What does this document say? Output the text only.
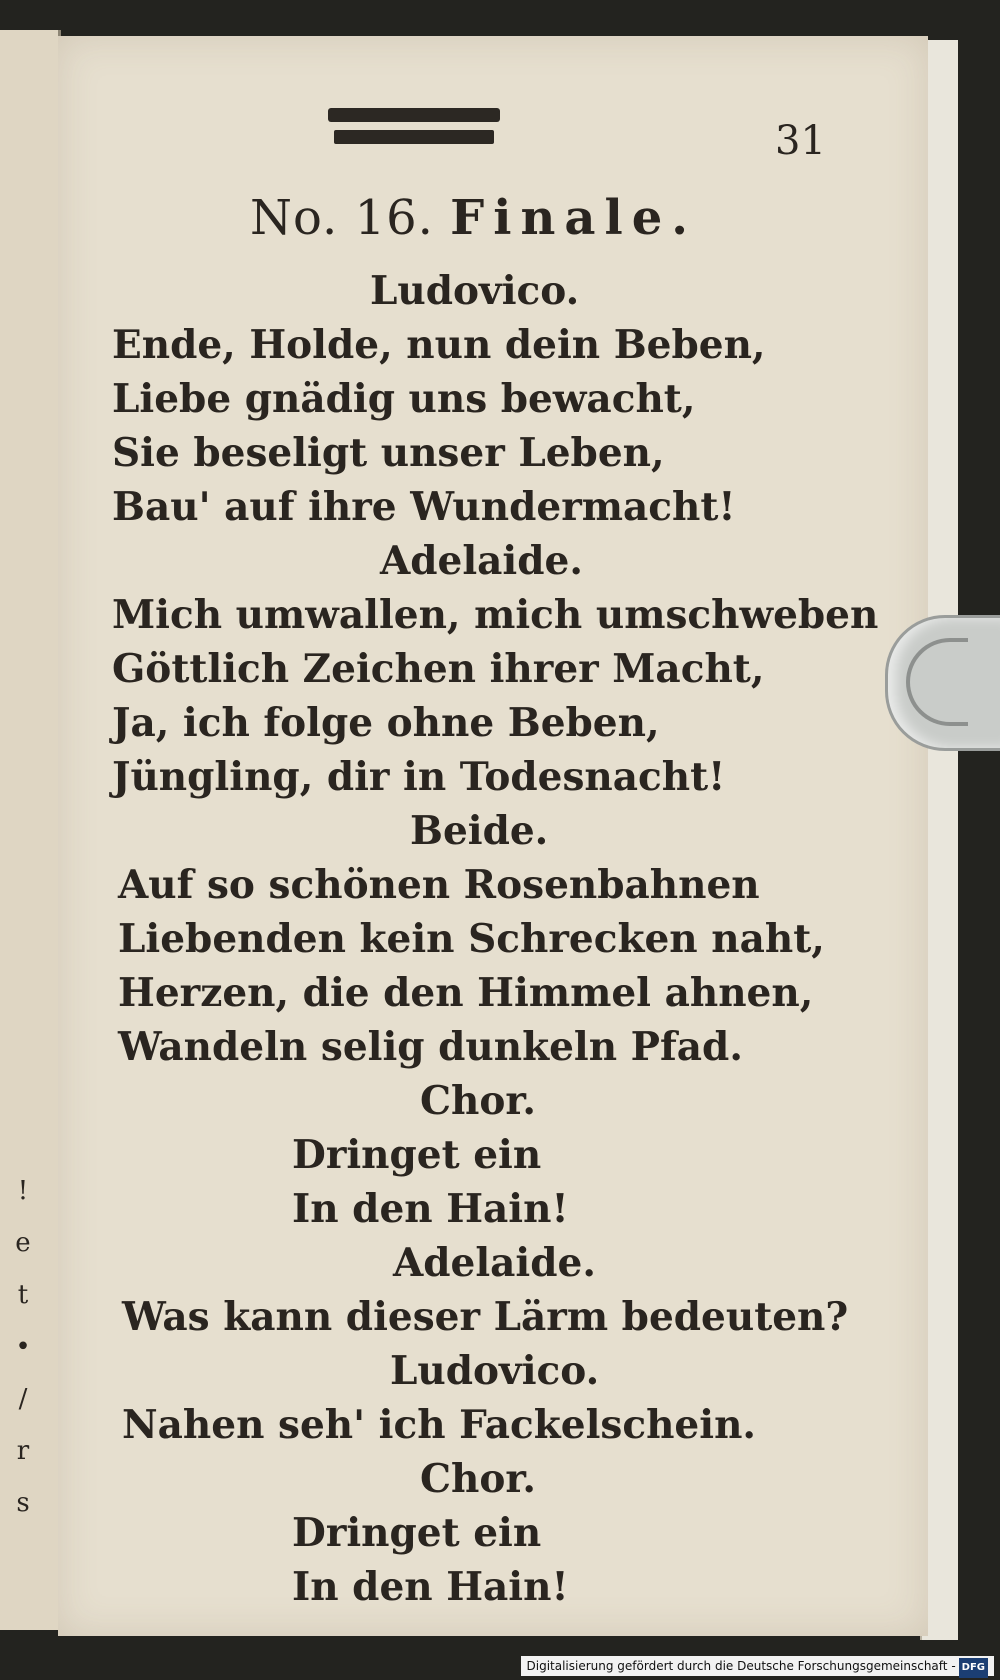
!
e
t
•
/
r
s
31
No. 16. Finale.
Ludovico.
Ende, Holde, nun dein Beben,
Liebe gnädig uns bewacht,
Sie beseligt unser Leben,
Bau' auf ihre Wundermacht!
Adelaide.
Mich umwallen, mich umschweben
Göttlich Zeichen ihrer Macht,
Ja, ich folge ohne Beben,
Jüngling, dir in Todesnacht!
Beide.
Auf so schönen Rosenbahnen
Liebenden kein Schrecken naht,
Herzen, die den Himmel ahnen,
Wandeln selig dunkeln Pfad.
Chor.
Dringet ein
In den Hain!
Adelaide.
Was kann dieser Lärm bedeuten?
Ludovico.
Nahen seh' ich Fackelschein.
Chor.
Dringet ein
In den Hain!
Digitalisierung gefördert durch die Deutsche Forschungsgemeinschaft - DFG
